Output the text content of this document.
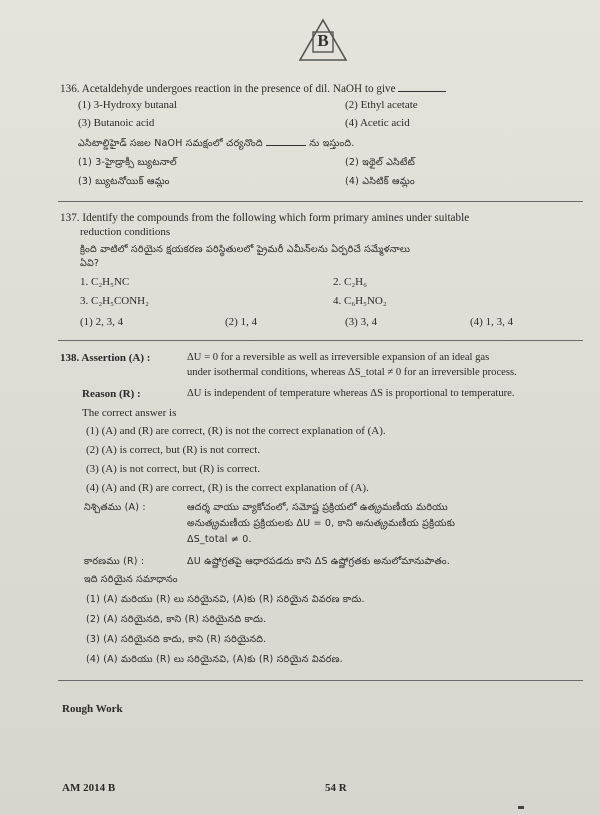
B
136. Acetaldehyde undergoes reaction in the presence of dil. NaOH to give
(1) 3-Hydroxy butanal	(2) Ethyl acetate
(3) Butanoic acid	(4) Acetic acid
ఎసిటాల్డిహైడ్ సజల NaOH సమక్షంలో చర్యనొంది	ను ఇస్తుంది.
(1) 3-హైడ్రాక్సీ బ్యుటనాల్	(2) ఇథైల్ ఎసిటేట్
(3) బ్యుటనోయిక్ ఆమ్లం	(4) ఎసిటిక్ ఆమ్లం
137. Identify the compounds from the following which form primary amines under suitable
reduction conditions
క్రింది వాటిలో సరియైన క్షయకరణ పరిస్థితులలో ప్రైమరీ ఎమీన్‌లను ఏర్పరిచే సమ్మేళనాలు
ఏవి?
1. C₂H₅NC	2. C₂H₆
3. C₂H₅CONH₂	4. C₆H₅NO₂
(1) 2, 3, 4	(2) 1, 4	(3) 3, 4	(4) 1, 3, 4
138. Assertion (A) :	ΔU = 0 for a reversible as well as irreversible expansion of an ideal gas
under isothermal conditions, whereas ΔS_total ≠ 0 for an irreversible process.
Reason (R) :	ΔU is independent of temperature whereas ΔS is proportional to temperature.
The correct answer is
(1) (A) and (R) are correct, (R) is not the correct explanation of (A).
(2) (A) is correct, but (R) is not correct.
(3) (A) is not correct, but (R) is correct.
(4) (A) and (R) are correct, (R) is the correct explanation of (A).
నిశ్చితము (A) :	ఆదర్శ వాయు వ్యాకోచంలో, సమోష్ణ ప్రక్రియలో ఉత్క్రమణీయ మరియు
అనుత్క్రమణీయ ప్రక్రియలకు ΔU = 0, కాని అనుత్క్రమణీయ ప్రక్రియకు
ΔS_total ≠ 0.
కారణము (R) :	ΔU ఉష్ణోగ్రతపై ఆధారపడదు కాని ΔS ఉష్ణోగ్రతకు అనులోమానుపాతం.
ఇది సరియైన సమాధానం
(1) (A) మరియు (R) లు సరియైనవి, (A)కు (R) సరియైన వివరణ కాదు.
(2) (A) సరియైనది, కాని (R) సరియైనది కాదు.
(3) (A) సరియైనది కాదు, కాని (R) సరియైనది.
(4) (A) మరియు (R) లు సరియైనవి, (A)కు (R) సరియైన వివరణ.
Rough Work
AM 2014 B	54 R
